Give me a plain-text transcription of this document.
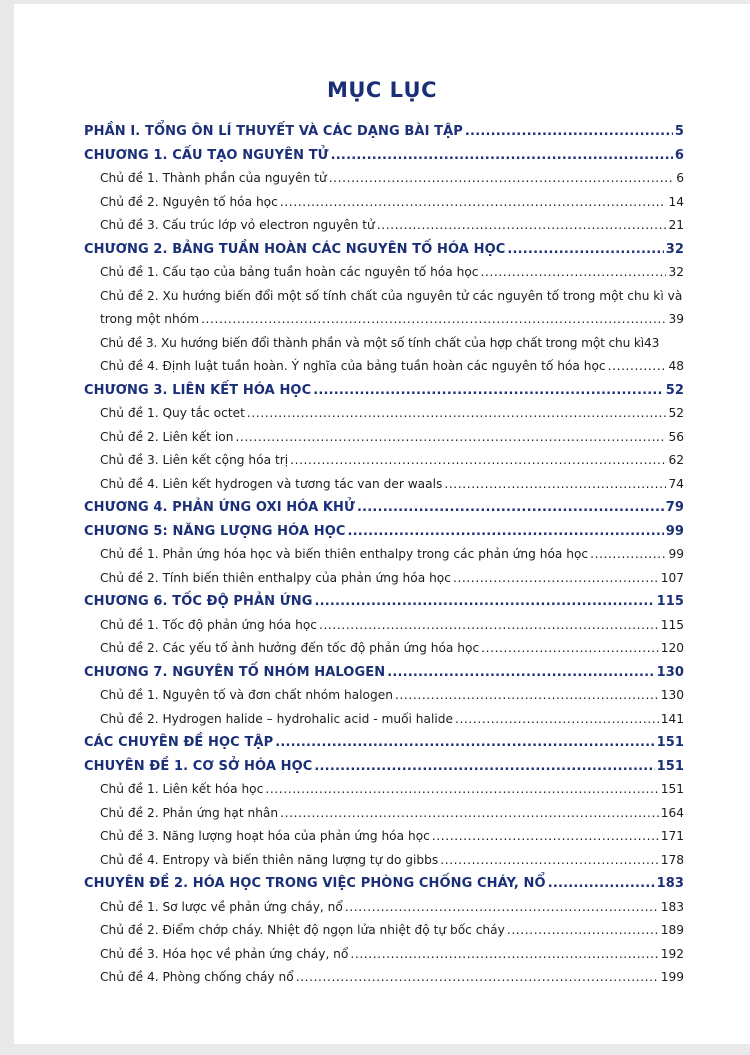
MỤC LỤC
PHẦN I. TỔNG ÔN LÍ THUYẾT VÀ CÁC DẠNG BÀI TẬP .....	5
CHƯƠNG 1. CẤU TẠO NGUYÊN TỬ .....	6
Chủ đề 1. Thành phần của nguyên tử .....	6
Chủ đề 2. Nguyên tố hóa học .....	14
Chủ đề 3. Cấu trúc lớp vỏ electron nguyên tử .....	21
CHƯƠNG 2. BẢNG TUẦN HOÀN CÁC NGUYÊN TỐ HÓA HỌC .....	32
Chủ đề 1. Cấu tạo của bảng tuần hoàn các nguyên tố hóa học .....	32
Chủ đề 2. Xu hướng biến đổi một số tính chất của nguyên tử các nguyên tố trong một chu kì và
trong một nhóm .....	39
Chủ đề 3. Xu hướng biến đổi thành phần và một số tính chất của hợp chất trong một chu kì 43
Chủ đề 4. Định luật tuần hoàn. Ý nghĩa của bảng tuần hoàn các nguyên tố hóa học .....	48
CHƯƠNG 3. LIÊN KẾT HÓA HỌC .....	52
Chủ đề 1. Quy tắc octet .....	52
Chủ đề 2. Liên kết ion .....	56
Chủ đề 3. Liên kết cộng hóa trị .....	62
Chủ đề 4. Liên kết hydrogen và tương tác van der waals .....	74
CHƯƠNG 4. PHẢN ỨNG OXI HÓA KHỬ .....	79
CHƯƠNG 5: NĂNG LƯỢNG HÓA HỌC .....	99
Chủ đề 1. Phản ứng hóa học và biến thiên enthalpy trong các phản ứng hóa học .....	99
Chủ đề 2. Tính biến thiên enthalpy của phản ứng hóa học .....	107
CHƯƠNG 6. TỐC ĐỘ PHẢN ỨNG .....	115
Chủ đề 1. Tốc độ phản ứng hóa học .....	115
Chủ đề 2. Các yếu tố ảnh hưởng đến tốc độ phản ứng hóa học .....	120
CHƯƠNG 7. NGUYÊN TỐ NHÓM HALOGEN .....	130
Chủ đề 1. Nguyên tố và đơn chất nhóm halogen .....	130
Chủ đề 2. Hydrogen halide – hydrohalic acid - muối halide .....	141
CÁC CHUYÊN ĐỀ HỌC TẬP .....	151
CHUYÊN ĐỀ 1. CƠ SỞ HÓA HỌC .....	151
Chủ đề 1. Liên kết hóa học .....	151
Chủ đề 2. Phản ứng hạt nhân .....	164
Chủ đề 3. Năng lượng hoạt hóa của phản ứng hóa học .....	171
Chủ đề 4. Entropy và biến thiên năng lượng tự do gibbs .....	178
CHUYÊN ĐỀ 2. HÓA HỌC TRONG VIỆC PHÒNG CHỐNG CHÁY, NỔ .....	183
Chủ đề 1. Sơ lược về phản ứng cháy, nổ .....	183
Chủ đề 2. Điểm chớp cháy. Nhiệt độ ngọn lửa nhiệt độ tự bốc cháy .....	189
Chủ đề 3. Hóa học về phản ứng cháy, nổ .....	192
Chủ đề 4. Phòng chống cháy nổ .....	199
